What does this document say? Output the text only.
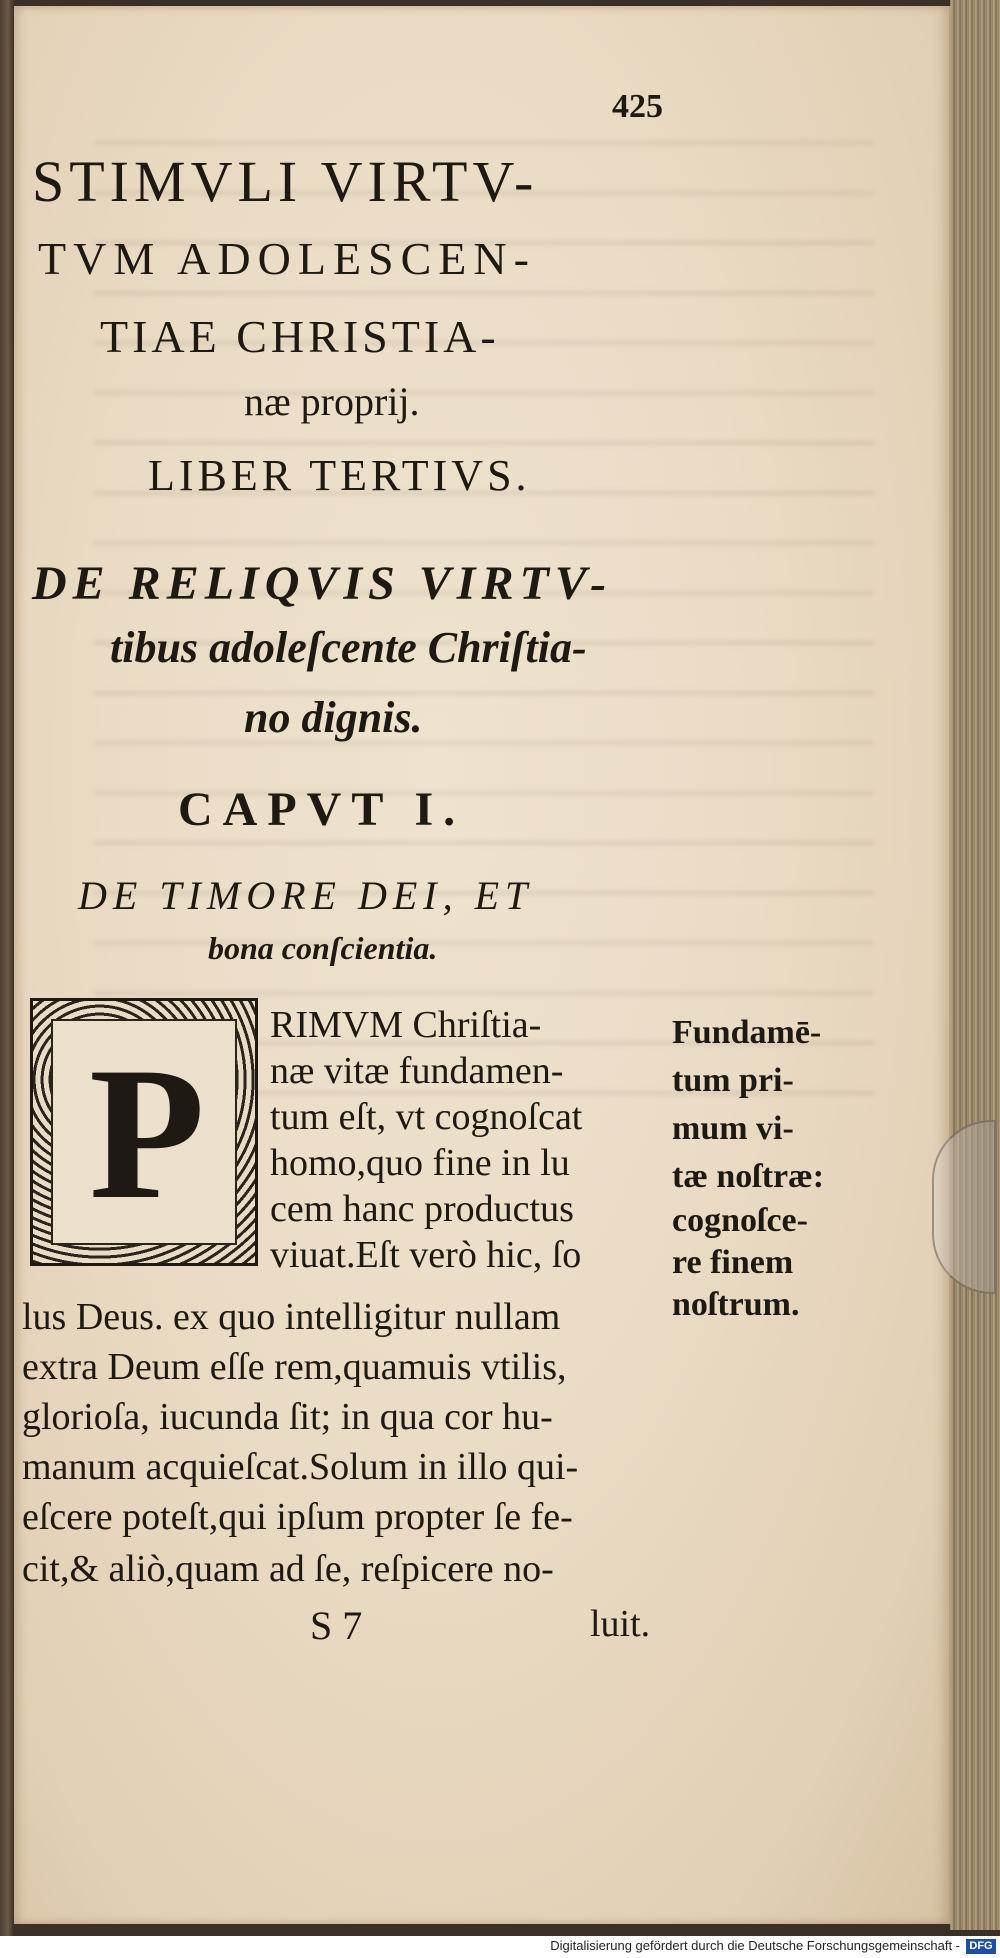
425
STIMVLI VIRTV-
TVM ADOLESCEN-
TIAE CHRISTIA-
næ proprij.
LIBER TERTIVS.
DE RELIQVIS VIRTV-
tibus adoleſcente Chriſtia-
no dignis.
CAPVT I.
DE TIMORE DEI, ET
bona conſcientia.
P
RIMVM Chriſtia-
næ vitæ fundamen-
tum eſt, vt cognoſcat
homo,quo fine in lu
cem hanc productus
viuat.Eſt verò hic, ſo
lus Deus. ex quo intelligitur nullam
extra Deum eſſe rem,quamuis vtilis,
glorioſa, iucunda ſit; in qua cor hu-
manum acquieſcat.Solum in illo qui-
eſcere poteſt,qui ipſum propter ſe fe-
cit,& aliò,quam ad ſe, reſpicere no-
Fundamē-
tum pri-
mum vi-
tæ noſtræ:
cognoſce-
re finem
noſtrum.
S 7	luit.
Digitalisierung gefördert durch die Deutsche Forschungsgemeinschaft - DFG
